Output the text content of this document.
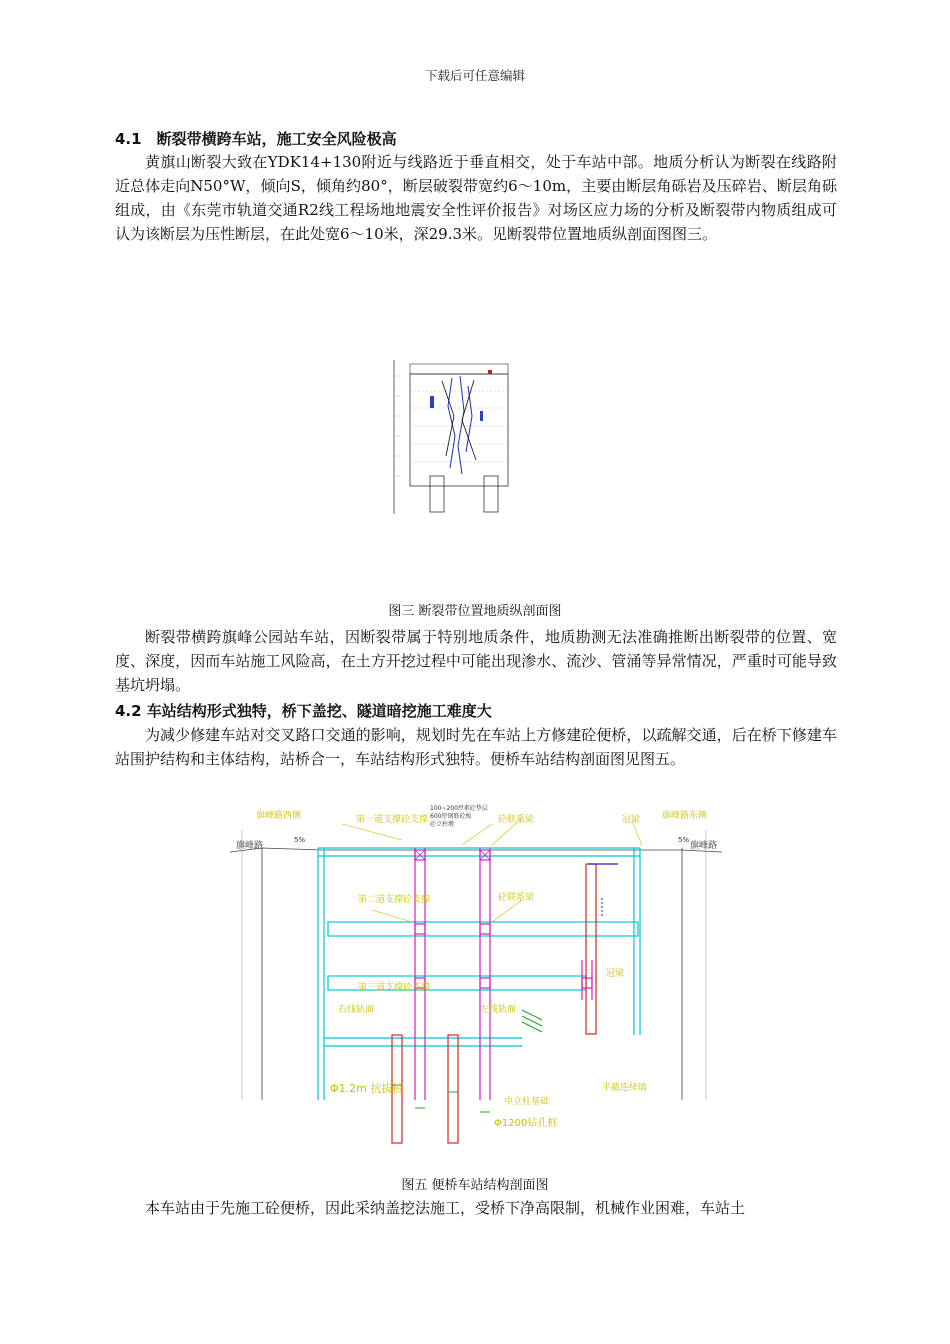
下载后可任意编辑
4.1　断裂带横跨车站，施工安全风险极高

黄旗山断裂大致在YDK14+130附近与线路近于垂直相交，处于车站中部。地质分析认为断裂在线路附近总体走向N50°W，倾向S，倾角约80°，断层破裂带宽约6～10m，主要由断层角砾岩及压碎岩、断层角砾组成，由《东莞市轨道交通R2线工程场地地震安全性评价报告》对场区应力场的分析及断裂带内物质组成可认为该断层为压性断层，在此处宽6～10米，深29.3米。见断裂带位置地质纵剖面图图三。

图三 断裂带位置地质纵剖面图

断裂带横跨旗峰公园站车站，因断裂带属于特别地质条件，地质勘测无法准确推断出断裂带的位置、宽度、深度，因而车站施工风险高，在土方开挖过程中可能出现渗水、流沙、管涌等异常情况，严重时可能导致基坑坍塌。

4.2 车站结构形式独特，桥下盖挖、隧道暗挖施工难度大

为减少修建车站对交叉路口交通的影响，规划时先在车站上方修建砼便桥，以疏解交通，后在桥下修建车站围护结构和主体结构，站桥合一，车站结构形式独特。便桥车站结构剖面图见图五。

旗峰路西侧	旗峰路东侧
旗峰路	旗峰路
5%	5%
第一道支撑砼支撑
第二道支撑砼支撑
第三道支撑砼支撑
砼联系梁
砼联系梁
冠梁
冠梁
右线轨面	左线轨面
Φ1.2m 抗拔桩
中立柱基础
Φ1200钻孔桩
半截连续墙
100~200厚素砼垫层
600厚钢筋砼板
砼立柱墩
图五 便桥车站结构剖面图

本车站由于先施工砼便桥，因此采纳盖挖法施工，受桥下净高限制，机械作业困难，车站土
